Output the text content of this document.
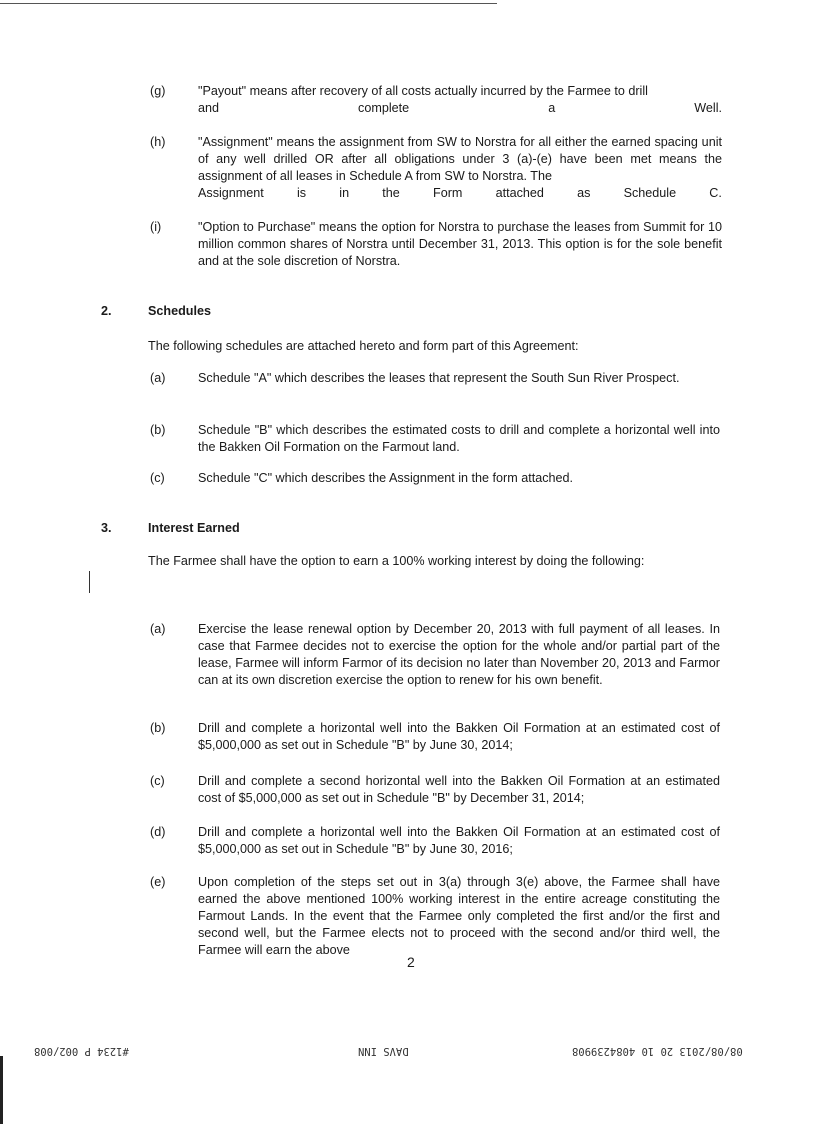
(g)	"Payout" means after recovery of all costs actually incurred by the Farmee to drill
and	complete	a	Well.
(h)	"Assignment" means the assignment from SW to Norstra for all either the earned spacing unit of any well drilled OR after all obligations under 3 (a)-(e) have been met means the assignment of all leases in Schedule A from SW to Norstra. The
Assignment	is	in	the	Form	attached	as	Schedule	C.
(i)	"Option to Purchase" means the option for Norstra to purchase the leases from Summit for 10 million common shares of Norstra until December 31, 2013. This option is for the sole benefit and at the sole discretion of Norstra.
2.	Schedules
The following schedules are attached hereto and form part of this Agreement:
(a)	Schedule "A" which describes the leases that represent the South Sun River Prospect.
(b)	Schedule "B" which describes the estimated costs to drill and complete a horizontal well into the Bakken Oil Formation on the Farmout land.
(c)	Schedule "C" which describes the Assignment in the form attached.
3.	Interest Earned
The Farmee shall have the option to earn a 100% working interest by doing the following:
(a)	Exercise the lease renewal option by December 20, 2013 with full payment of all leases. In case that Farmee decides not to exercise the option for the whole and/or partial part of the lease, Farmee will inform Farmor of its decision no later than November 20, 2013 and Farmor can at its own discretion exercise the option to renew for his own benefit.
(b)	Drill and complete a horizontal well into the Bakken Oil Formation at an estimated cost of $5,000,000 as set out in Schedule "B" by June 30, 2014;
(c)	Drill and complete a second horizontal well into the Bakken Oil Formation at an estimated cost of $5,000,000 as set out in Schedule "B" by December 31, 2014;
(d)	Drill and complete a horizontal well into the Bakken Oil Formation at an estimated cost of $5,000,000 as set out in Schedule "B" by June 30, 2016;
(e)	Upon completion of the steps set out in 3(a) through 3(e) above, the Farmee shall have earned the above mentioned 100% working interest in the entire acreage constituting the Farmout Lands. In the event that the Farmee only completed the first and/or the first and second well, but the Farmee elects not to proceed with the second and/or third well, the Farmee will earn the above
2
#1234 P 002/008	DAVS INN	08/08/2013 20 10 4084239908
